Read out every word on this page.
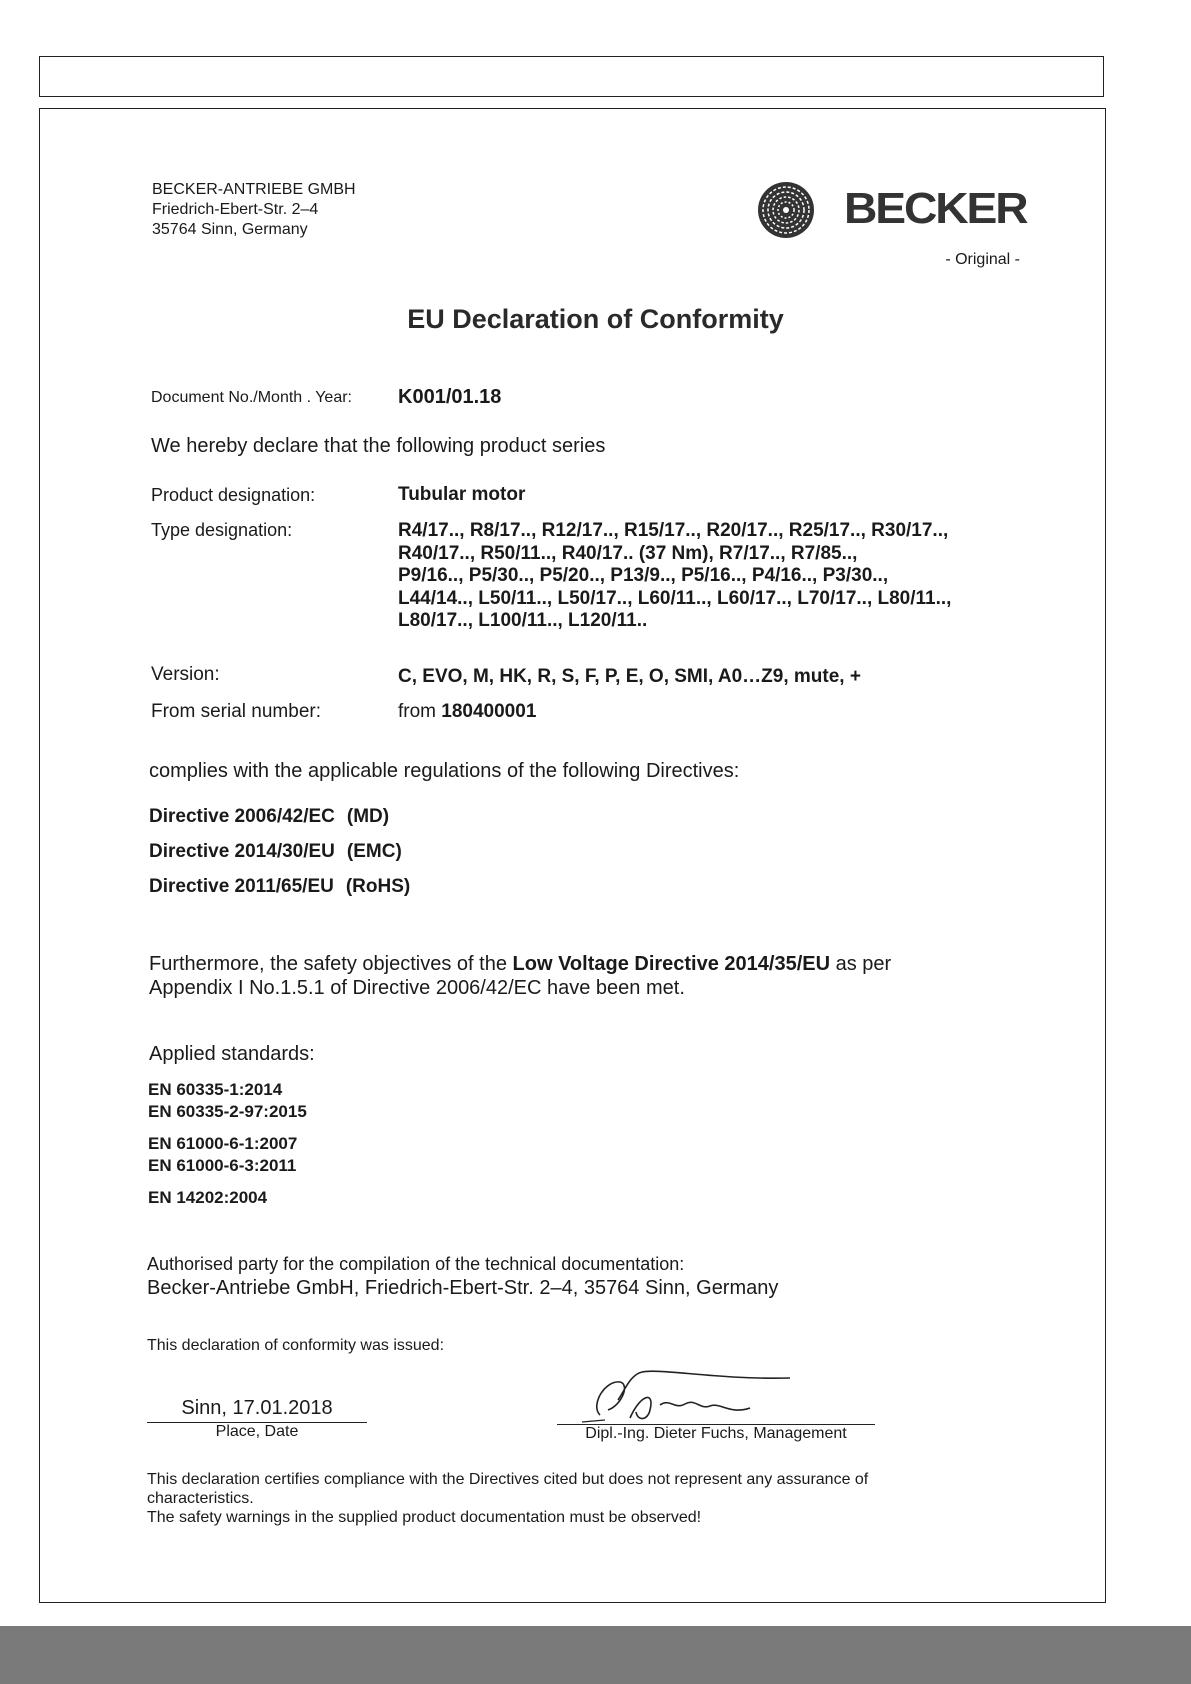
BECKER-ANTRIEBE GMBH
Friedrich-Ebert-Str. 2–4
35764 Sinn, Germany	BECKER
- Original -
EU Declaration of Conformity
Document No./Month . Year: K001/01.18
We hereby declare that the following product series
Product designation:	Tubular motor
Type designation:	R4/17.., R8/17.., R12/17.., R15/17.., R20/17.., R25/17.., R30/17..,
R40/17.., R50/11.., R40/17.. (37 Nm), R7/17.., R7/85..,
P9/16.., P5/30.., P5/20.., P13/9.., P5/16.., P4/16.., P3/30..,
L44/14.., L50/11.., L50/17.., L60/11.., L60/17.., L70/17.., L80/11..,
L80/17.., L100/11.., L120/11..
Version:	C, EVO, M, HK, R, S, F, P, E, O, SMI, A0…Z9, mute, +
From serial number:	from 180400001
complies with the applicable regulations of the following Directives:
Directive 2006/42/EC (MD)
Directive 2014/30/EU (EMC)
Directive 2011/65/EU (RoHS)
Furthermore, the safety objectives of the Low Voltage Directive 2014/35/EU as per
Appendix I No.1.5.1 of Directive 2006/42/EC have been met.
Applied standards:
EN 60335-1:2014
EN 60335-2-97:2015
EN 61000-6-1:2007
EN 61000-6-3:2011
EN 14202:2004
Authorised party for the compilation of the technical documentation:
Becker-Antriebe GmbH, Friedrich-Ebert-Str. 2–4, 35764 Sinn, Germany
This declaration of conformity was issued:
Sinn, 17.01.2018
Place, Date	Dipl.-Ing. Dieter Fuchs, Management
This declaration certifies compliance with the Directives cited but does not represent any assurance of
characteristics.
The safety warnings in the supplied product documentation must be observed!
